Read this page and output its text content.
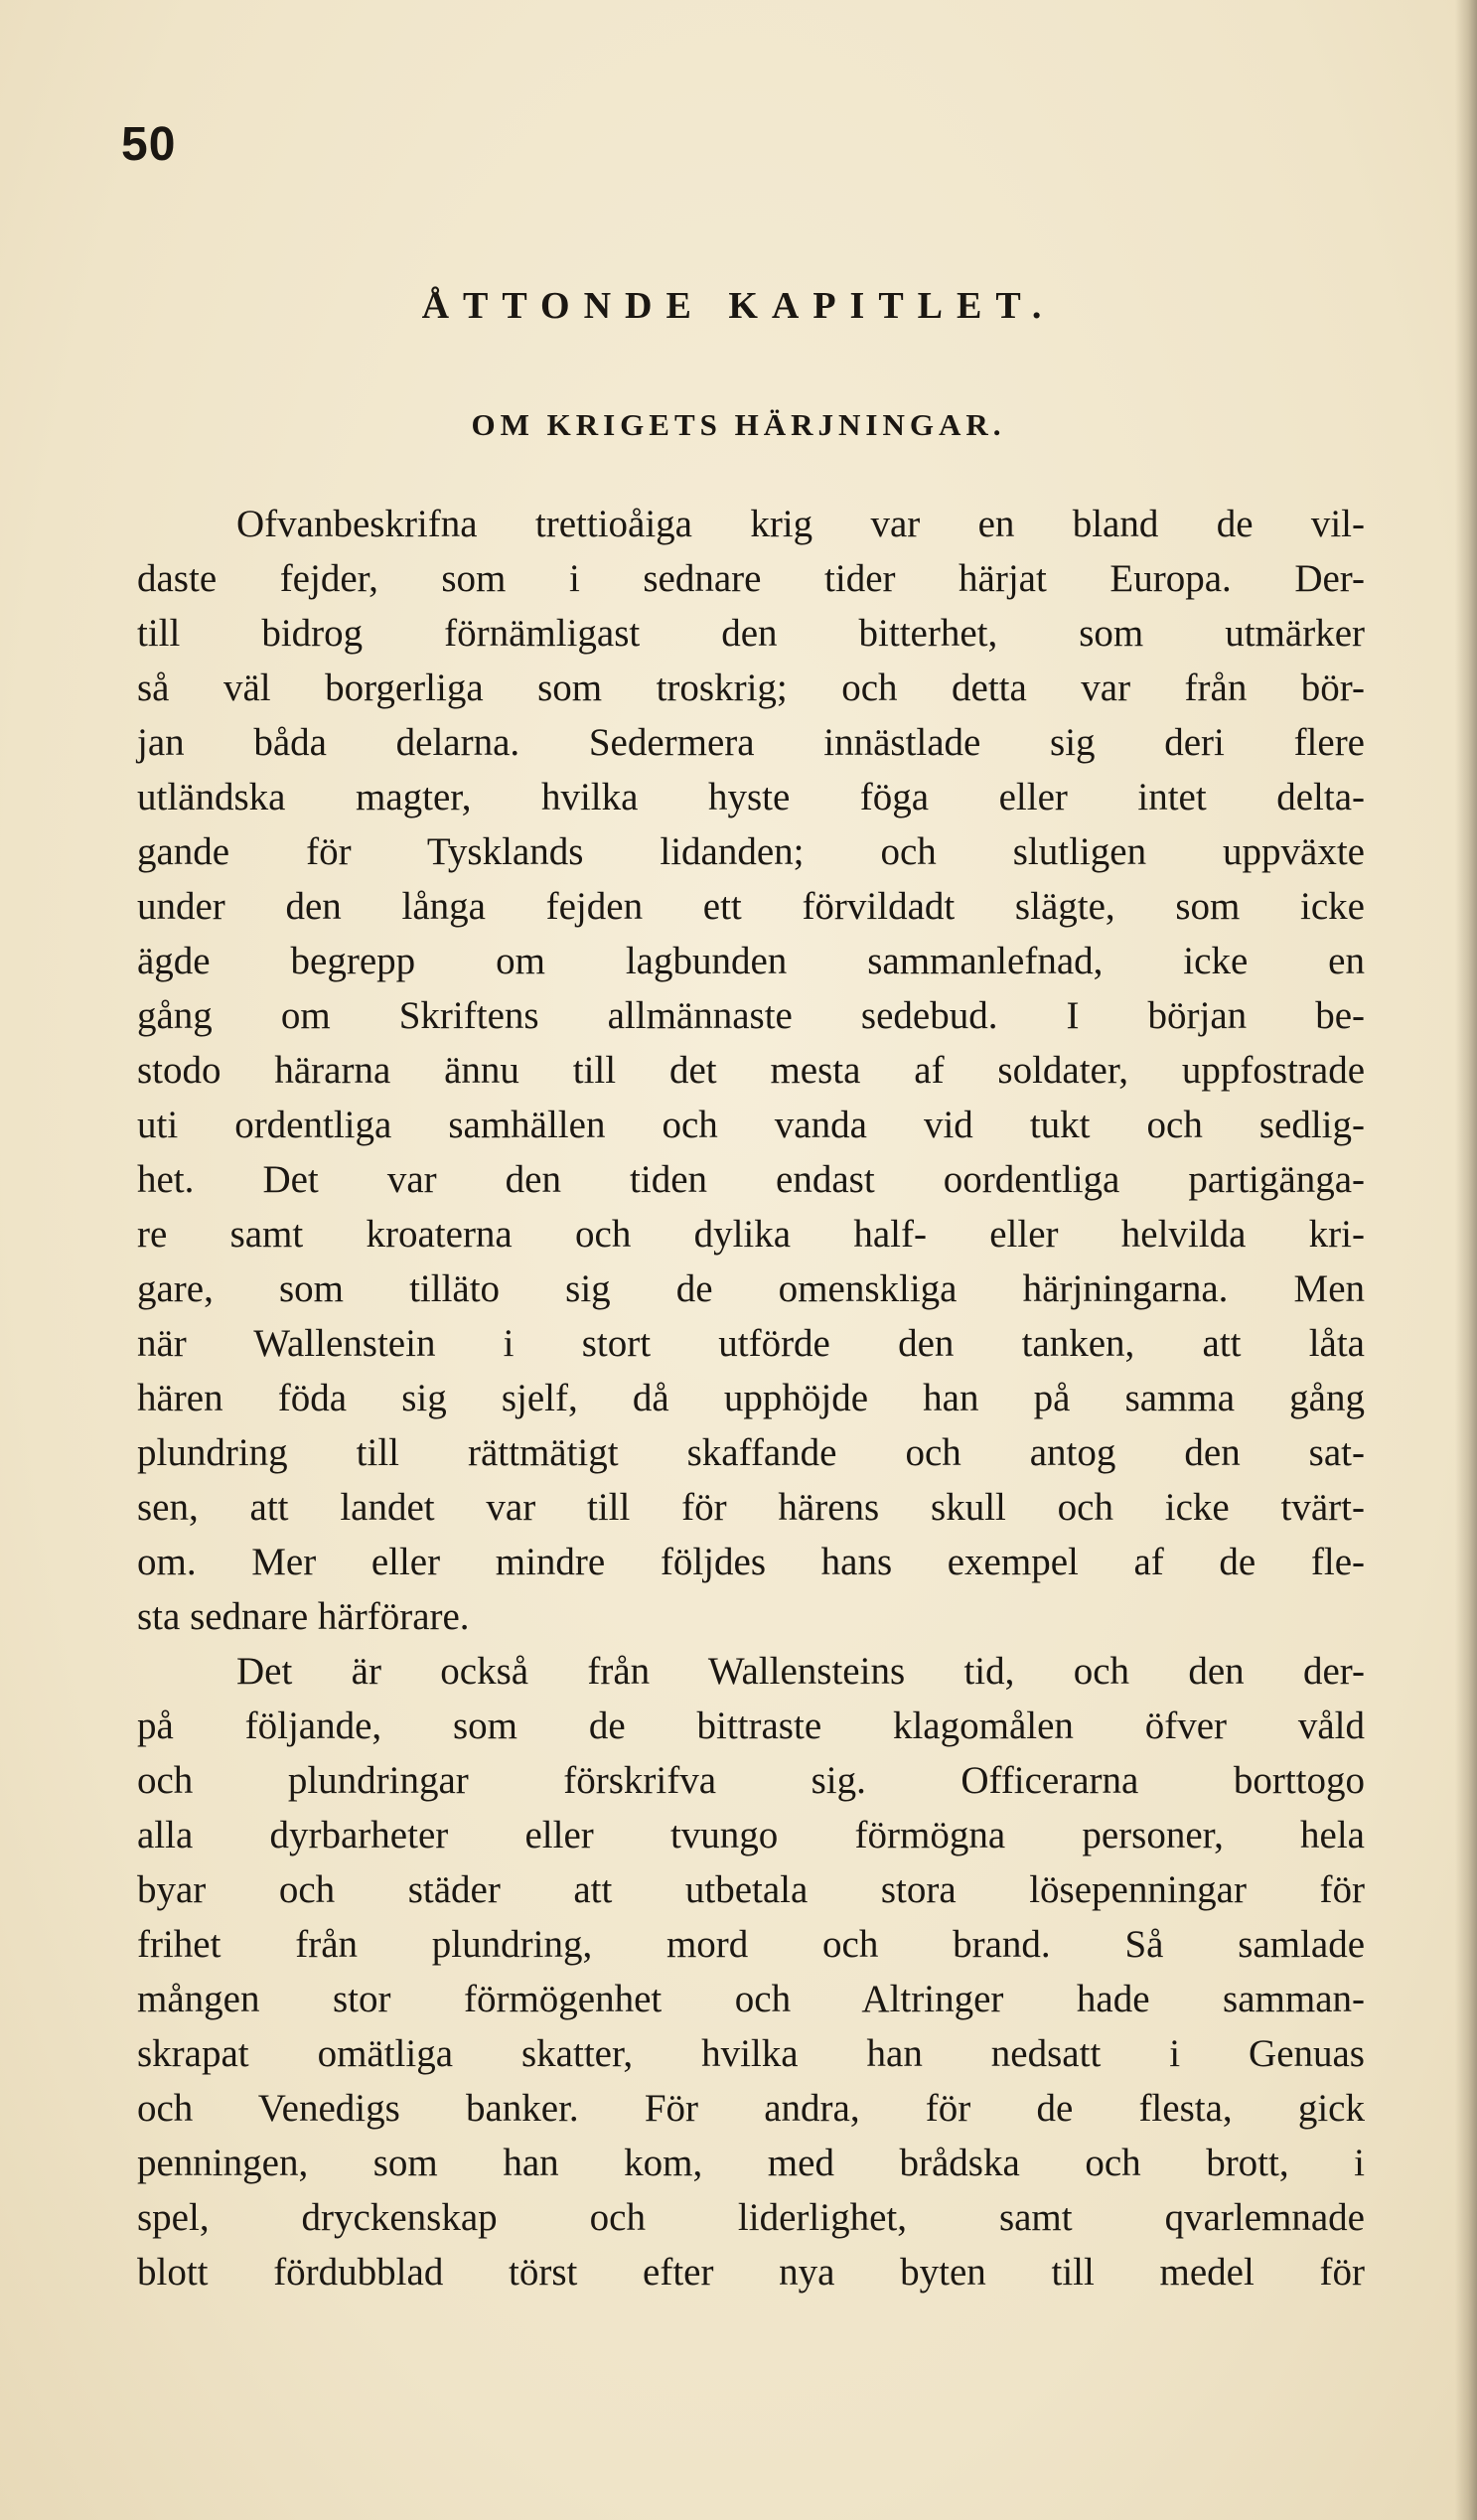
50
ÅTTONDE KAPITLET.
OM KRIGETS HÄRJNINGAR.
Ofvanbeskrifna trettioåiga krig var en bland de vil-
daste fejder, som i sednare tider härjat Europa. Der-
till bidrog förnämligast den bitterhet, som utmärker
så väl borgerliga som troskrig; och detta var från bör-
jan båda delarna. Sedermera innästlade sig deri flere
utländska magter, hvilka hyste föga eller intet delta-
gande för Tysklands lidanden; och slutligen uppväxte
under den långa fejden ett förvildadt slägte, som icke
ägde begrepp om lagbunden sammanlefnad, icke en
gång om Skriftens allmännaste sedebud. I början be-
stodo härarna ännu till det mesta af soldater, uppfostrade
uti ordentliga samhällen och vanda vid tukt och sedlig-
het. Det var den tiden endast oordentliga partigänga-
re samt kroaterna och dylika half- eller helvilda kri-
gare, som tilläto sig de omenskliga härjningarna. Men
när Wallenstein i stort utförde den tanken, att låta
hären föda sig sjelf, då upphöjde han på samma gång
plundring till rättmätigt skaffande och antog den sat-
sen, att landet var till för härens skull och icke tvärt-
om. Mer eller mindre följdes hans exempel af de fle-
sta sednare härförare.
Det är också från Wallensteins tid, och den der-
på följande, som de bittraste klagomålen öfver våld
och plundringar förskrifva sig. Officerarna borttogo
alla dyrbarheter eller tvungo förmögna personer, hela
byar och städer att utbetala stora lösepenningar för
frihet från plundring, mord och brand. Så samlade
mången stor förmögenhet och Altringer hade samman-
skrapat omätliga skatter, hvilka han nedsatt i Genuas
och Venedigs banker. För andra, för de flesta, gick
penningen, som han kom, med brådska och brott, i
spel, dryckenskap och liderlighet, samt qvarlemnade
blott fördubblad törst efter nya byten till medel för
